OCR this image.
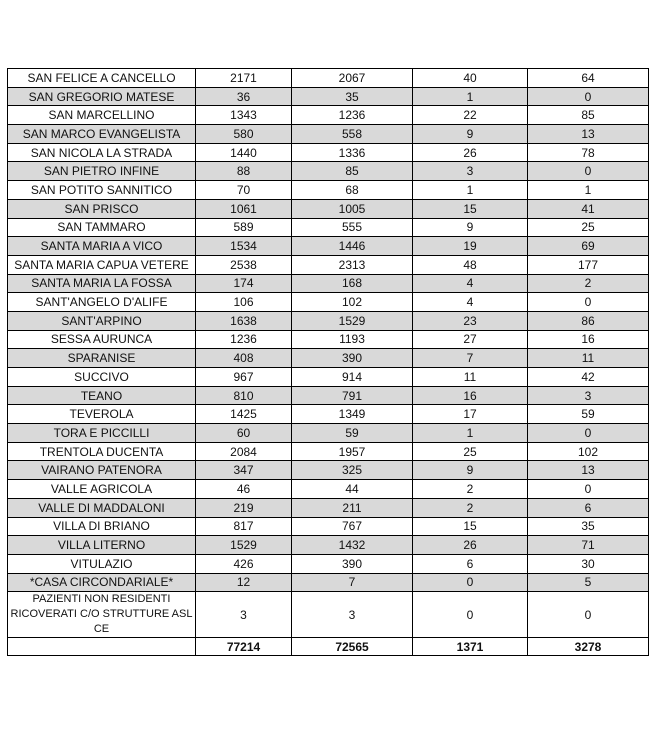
SAN FELICE A CANCELLO	2171	2067	40	64
SAN GREGORIO MATESE	36	35	1	0
SAN MARCELLINO	1343	1236	22	85
SAN MARCO EVANGELISTA	580	558	9	13
SAN NICOLA LA STRADA	1440	1336	26	78
SAN PIETRO INFINE	88	85	3	0
SAN POTITO SANNITICO	70	68	1	1
SAN PRISCO	1061	1005	15	41
SAN TAMMARO	589	555	9	25
SANTA MARIA A VICO	1534	1446	19	69
SANTA MARIA CAPUA VETERE	2538	2313	48	177
SANTA MARIA LA FOSSA	174	168	4	2
SANT'ANGELO D'ALIFE	106	102	4	0
SANT'ARPINO	1638	1529	23	86
SESSA AURUNCA	1236	1193	27	16
SPARANISE	408	390	7	11
SUCCIVO	967	914	11	42
TEANO	810	791	16	3
TEVEROLA	1425	1349	17	59
TORA E PICCILLI	60	59	1	0
TRENTOLA DUCENTA	2084	1957	25	102
VAIRANO PATENORA	347	325	9	13
VALLE AGRICOLA	46	44	2	0
VALLE DI MADDALONI	219	211	2	6
VILLA DI BRIANO	817	767	15	35
VILLA LITERNO	1529	1432	26	71
VITULAZIO	426	390	6	30
*CASA CIRCONDARIALE*	12	7	0	5
PAZIENTI NON RESIDENTI RICOVERATI C/O STRUTTURE ASL CE	3	3	0	0
	77214	72565	1371	3278
